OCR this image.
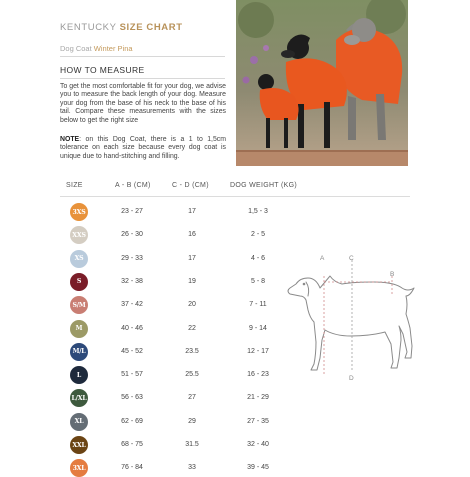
KENTUCKY SIZE CHART
Dog Coat Winter Pina
HOW TO MEASURE

To get the most comfortable fit for your dog, we advise you to measure the back length of your dog. Measure your dog from the base of his neck to the base of his tail. Compare these measurements with the sizes below to get the right size

NOTE: on this Dog Coat, there is a 1 to 1,5cm tolerance on each size because every dog coat is unique due to hand-stitching and filling.

SIZE	A - B (CM)	C - D (CM)	DOG WEIGHT (KG)
3XS	23 - 27	17	1,5 - 3
XXS	26 - 30	16	2 - 5
XS	29 - 33	17	4 - 6
S	32 - 38	19	5 - 8
S/M	37 - 42	20	7 - 11
M	40 - 46	22	9 - 14
M/L	45 - 52	23.5	12 - 17
L	51 - 57	25.5	16 - 23
L/XL	56 - 63	27	21 - 29
XL	62 - 69	29	27 - 35
XXL	68 - 75	31.5	32 - 40
3XL	76 - 84	33	39 - 45
A
B
C
D
